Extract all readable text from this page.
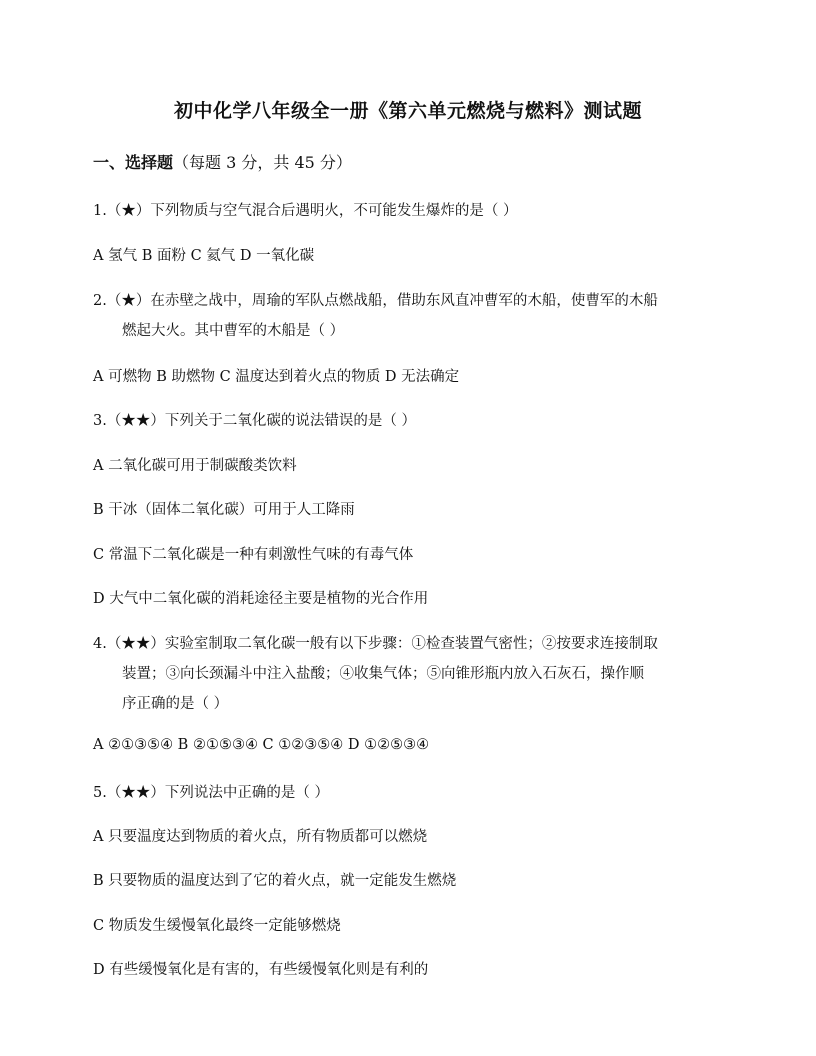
初中化学八年级全一册《第六单元燃烧与燃料》测试题
一、选择题（每题 3 分，共 45 分）
1.（★）下列物质与空气混合后遇明火，不可能发生爆炸的是（ ）
A 氢气 B 面粉 C 氦气 D 一氧化碳
2.（★）在赤壁之战中，周瑜的军队点燃战船，借助东风直冲曹军的木船，使曹军的木船
燃起大火。其中曹军的木船是（ ）
A 可燃物 B 助燃物 C 温度达到着火点的物质 D 无法确定
3.（★★）下列关于二氧化碳的说法错误的是（ ）
A 二氧化碳可用于制碳酸类饮料
B 干冰（固体二氧化碳）可用于人工降雨
C 常温下二氧化碳是一种有刺激性气味的有毒气体
D 大气中二氧化碳的消耗途径主要是植物的光合作用
4.（★★）实验室制取二氧化碳一般有以下步骤：①检查装置气密性；②按要求连接制取
装置；③向长颈漏斗中注入盐酸；④收集气体；⑤向锥形瓶内放入石灰石，操作顺
序正确的是（ ）
A ②①③⑤④ B ②①⑤③④ C ①②③⑤④ D ①②⑤③④
5.（★★）下列说法中正确的是（ ）
A 只要温度达到物质的着火点，所有物质都可以燃烧
B 只要物质的温度达到了它的着火点，就一定能发生燃烧
C 物质发生缓慢氧化最终一定能够燃烧
D 有些缓慢氧化是有害的，有些缓慢氧化则是有利的
